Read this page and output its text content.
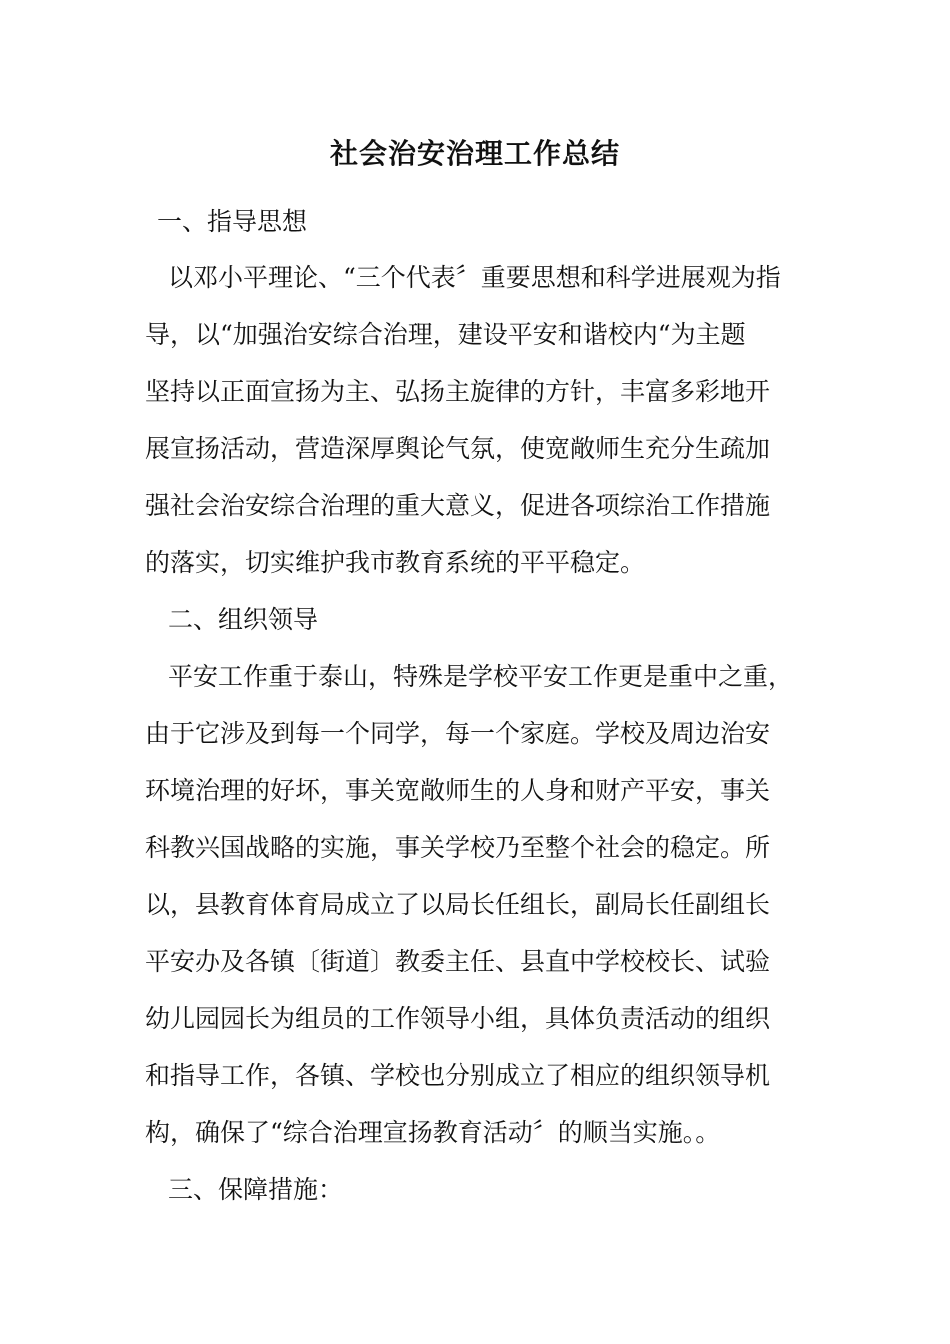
社会治安治理工作总结

一、指导思想

以邓小平理论、“三个代表〞重要思想和科学进展观为指

导，以“加强治安综合治理，建设平安和谐校内“为主题

坚持以正面宣扬为主、弘扬主旋律的方针，丰富多彩地开

展宣扬活动，营造深厚舆论气氛，使宽敞师生充分生疏加

强社会治安综合治理的重大意义，促进各项综治工作措施

的落实，切实维护我市教育系统的平平稳定。

二、组织领导

平安工作重于泰山，特殊是学校平安工作更是重中之重，

由于它涉及到每一个同学，每一个家庭。学校及周边治安

环境治理的好坏，事关宽敞师生的人身和财产平安，事关

科教兴国战略的实施，事关学校乃至整个社会的稳定。所

以，县教育体育局成立了以局长任组长，副局长任副组长

平安办及各镇〔街道〕教委主任、县直中学校校长、试验

幼儿园园长为组员的工作领导小组，具体负责活动的组织

和指导工作，各镇、学校也分别成立了相应的组织领导机

构，确保了“综合治理宣扬教育活动〞的顺当实施。。

三、保障措施：
